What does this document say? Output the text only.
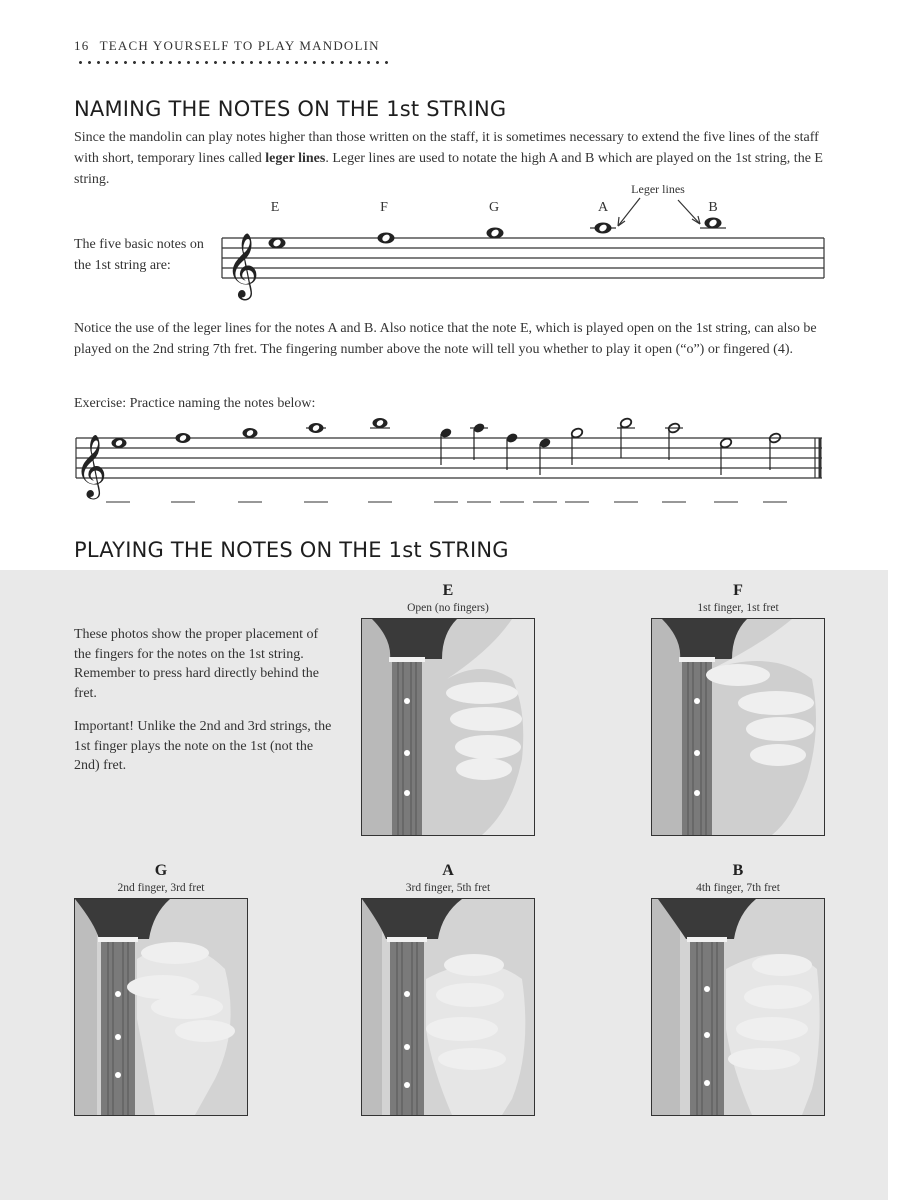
16 TEACH YOURSELF TO PLAY MANDOLIN
NAMING THE NOTES ON THE 1st STRING

Since the mandolin can play notes higher than those written on the staff, it is sometimes necessary to extend the five lines of the staff with short, temporary lines called leger lines. Leger lines are used to notate the high A and B which are played on the 1st string, the E string.

The five basic notes on the 1st string are: 𝄞
E	F	G	A	B
Leger lines
𝄞

Notice the use of the leger lines for the notes A and B. Also notice that the note E, which is played open on the 1st string, can also be played on the 2nd string 7th fret. The fingering number above the note will tell you whether to play it open (“o”) or fingered (4).

Exercise: Practice naming the notes below:
PLAYING THE NOTES ON THE 1st STRING

These photos show the proper placement of the fingers for the notes on the 1st string. Remember to press hard directly behind the fret.

Important! Unlike the 2nd and 3rd strings, the 1st finger plays the note on the 1st (not the 2nd) fret.

E
Open (no fingers)
F
1st finger, 1st fret
G
2nd finger, 3rd fret
A
3rd finger, 5th fret
B
4th finger, 7th fret
